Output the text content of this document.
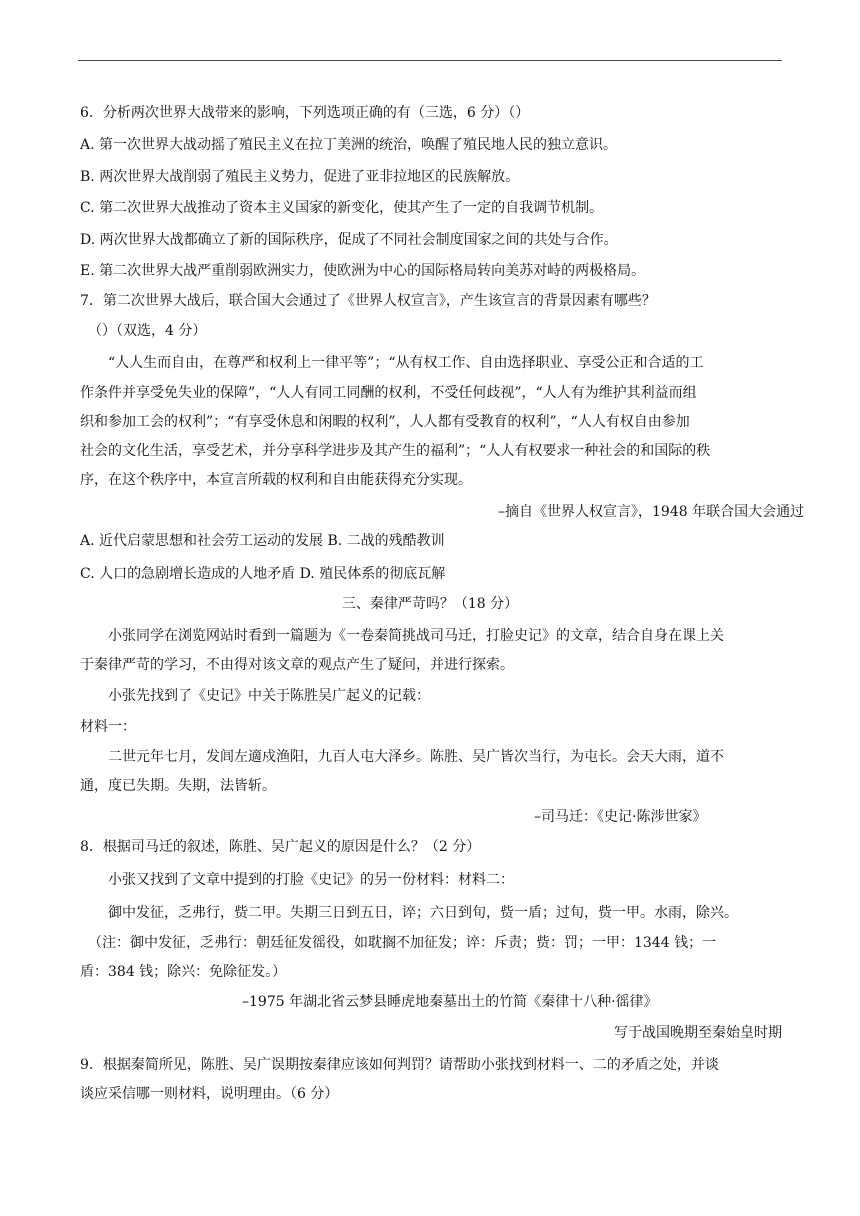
6．分析两次世界大战带来的影响，下列选项正确的有（三选，6 分）（）
A. 第一次世界大战动摇了殖民主义在拉丁美洲的统治，唤醒了殖民地人民的独立意识。
B. 两次世界大战削弱了殖民主义势力，促进了亚非拉地区的民族解放。
C. 第二次世界大战推动了资本主义国家的新变化，使其产生了一定的自我调节机制。
D. 两次世界大战都确立了新的国际秩序，促成了不同社会制度国家之间的共处与合作。
E. 第二次世界大战严重削弱欧洲实力，使欧洲为中心的国际格局转向美苏对峙的两极格局。
7．第二次世界大战后，联合国大会通过了《世界人权宣言》，产生该宣言的背景因素有哪些？
（）（双选，4 分）
“人人生而自由，在尊严和权利上一律平等”；“从有权工作、自由选择职业、享受公正和合适的工
作条件并享受免失业的保障”，“人人有同工同酬的权利，不受任何歧视”，“人人有为维护其利益而组
织和参加工会的权利”；“有享受休息和闲暇的权利”，人人都有受教育的权利”，“人人有权自由参加
社会的文化生活，享受艺术，并分享科学进步及其产生的福利”；“人人有权要求一种社会的和国际的秩
序，在这个秩序中，本宣言所载的权利和自由能获得充分实现。
–摘自《世界人权宣言》，1948 年联合国大会通过
A. 近代启蒙思想和社会劳工运动的发展 B. 二战的残酷教训
C. 人口的急剧增长造成的人地矛盾 D. 殖民体系的彻底瓦解
三、秦律严苛吗？（18 分）
小张同学在浏览网站时看到一篇题为《一卷秦简挑战司马迁，打脸史记》的文章，结合自身在课上关
于秦律严苛的学习，不由得对该文章的观点产生了疑问，并进行探索。
小张先找到了《史记》中关于陈胜吴广起义的记载：
材料一：
二世元年七月，发闾左適戍渔阳，九百人屯大泽乡。陈胜、吴广皆次当行，为屯长。会天大雨，道不
通，度已失期。失期，法皆斩。
–司马迁：《史记·陈涉世家》
8．根据司马迁的叙述，陈胜、吴广起义的原因是什么？（2 分）
小张又找到了文章中提到的打脸《史记》的另一份材料：材料二：
御中发征，乏弗行，赀二甲。失期三日到五日，谇；六日到旬，赀一盾；过旬，赀一甲。水雨，除兴。
（注：御中发征，乏弗行：朝廷征发徭役，如耽搁不加征发；谇：斥责；赀：罚；一甲：1344 钱；一
盾：384 钱；除兴：免除征发。）
–1975 年湖北省云梦县睡虎地秦墓出土的竹简《秦律十八种·徭律》
写于战国晚期至秦始皇时期
9．根据秦简所见，陈胜、吴广误期按秦律应该如何判罚？请帮助小张找到材料一、二的矛盾之处，并谈
谈应采信哪一则材料，说明理由。（6 分）
